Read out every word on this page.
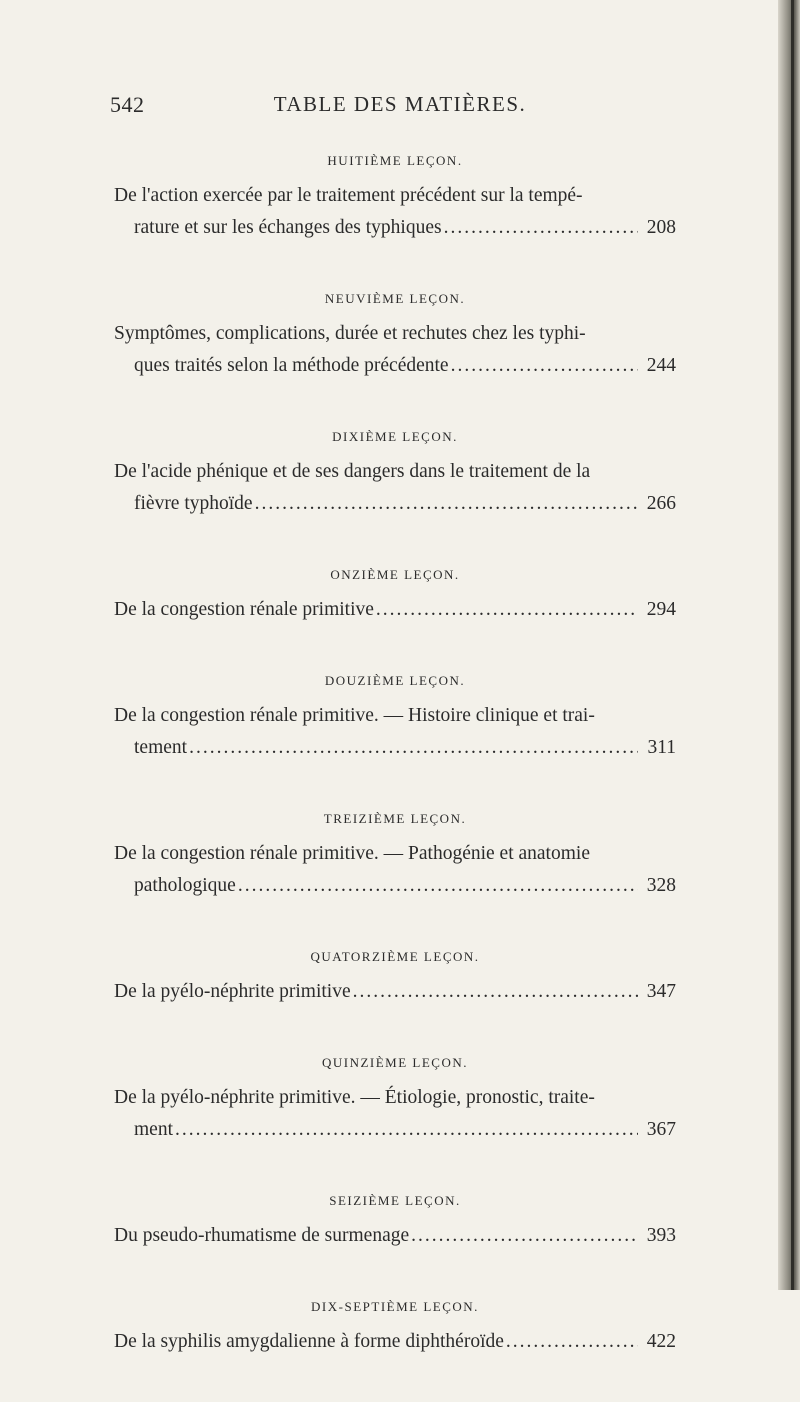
542	TABLE DES MATIÈRES.
HUITIÈME LEÇON.
De l'action exercée par le traitement précédent sur la tempé-
rature et sur les échanges des typhiques .....	208
NEUVIÈME LEÇON.
Symptômes, complications, durée et rechutes chez les typhi-
ques traités selon la méthode précédente .....	244
DIXIÈME LEÇON.
De l'acide phénique et de ses dangers dans le traitement de la
fièvre typhoïde .....	266
ONZIÈME LEÇON.
De la congestion rénale primitive .....	294
DOUZIÈME LEÇON.
De la congestion rénale primitive. — Histoire clinique et trai-
tement .....	311
TREIZIÈME LEÇON.
De la congestion rénale primitive. — Pathogénie et anatomie
pathologique .....	328
QUATORZIÈME LEÇON.
De la pyélo-néphrite primitive .....	347
QUINZIÈME LEÇON.
De la pyélo-néphrite primitive. — Étiologie, pronostic, traite-
ment .....	367
SEIZIÈME LEÇON.
Du pseudo-rhumatisme de surmenage .....	393
DIX-SEPTIÈME LEÇON.
De la syphilis amygdalienne à forme diphthéroïde .....	422
